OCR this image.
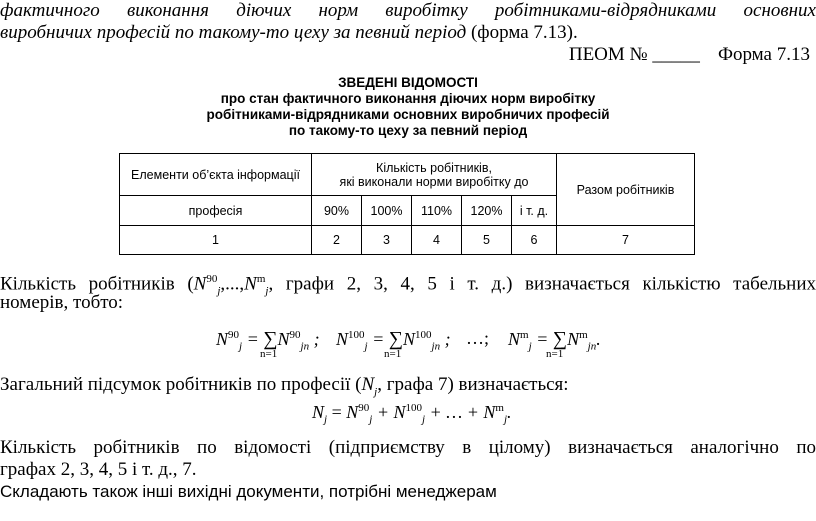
фактичного виконання діючих норм виробітку робітниками-відрядниками основних
виробничих професій по такому-то цеху за певний період (форма 7.13).
ПЕОМ № _____ Форма 7.13
ЗВЕДЕНІ ВІДОМОСТІ
про стан фактичного виконання діючих норм виробітку
робітниками-відрядниками основних виробничих професій
по такому-то цеху за певний період
Елементи об’єкта інформації	Кількість робітників,
які виконали норми виробітку до					Разом робітників
професія	90%	100%	110%	120%	і т. д.	
1	2	3	4	5	6	7
Кількість робітників ($N^{90}_j,...,N^m_j$, графи 2, 3, 4, 5 і т. д.) визначається кількістю табельних
номерів, тобто:
$N^{90}_j = \sum N^{90}_{jn}$ ;
n=1
$N^{100}_j = \sum N^{100}_{jn}$ ;
n=1
…; $N^m_j = \sum N^m_{jn}$.
n=1
Загальний підсумок робітників по професії ($N_j$, графа 7) визначається:
$N_j = N^{90}_j + N^{100}_j$ + … + $N^m_j$.
Кількість робітників по відомості (підприємству в цілому) визначається аналогічно по
графах 2, 3, 4, 5 і т. д., 7.
Складають також інші вихідні документи, потрібні менеджерам
